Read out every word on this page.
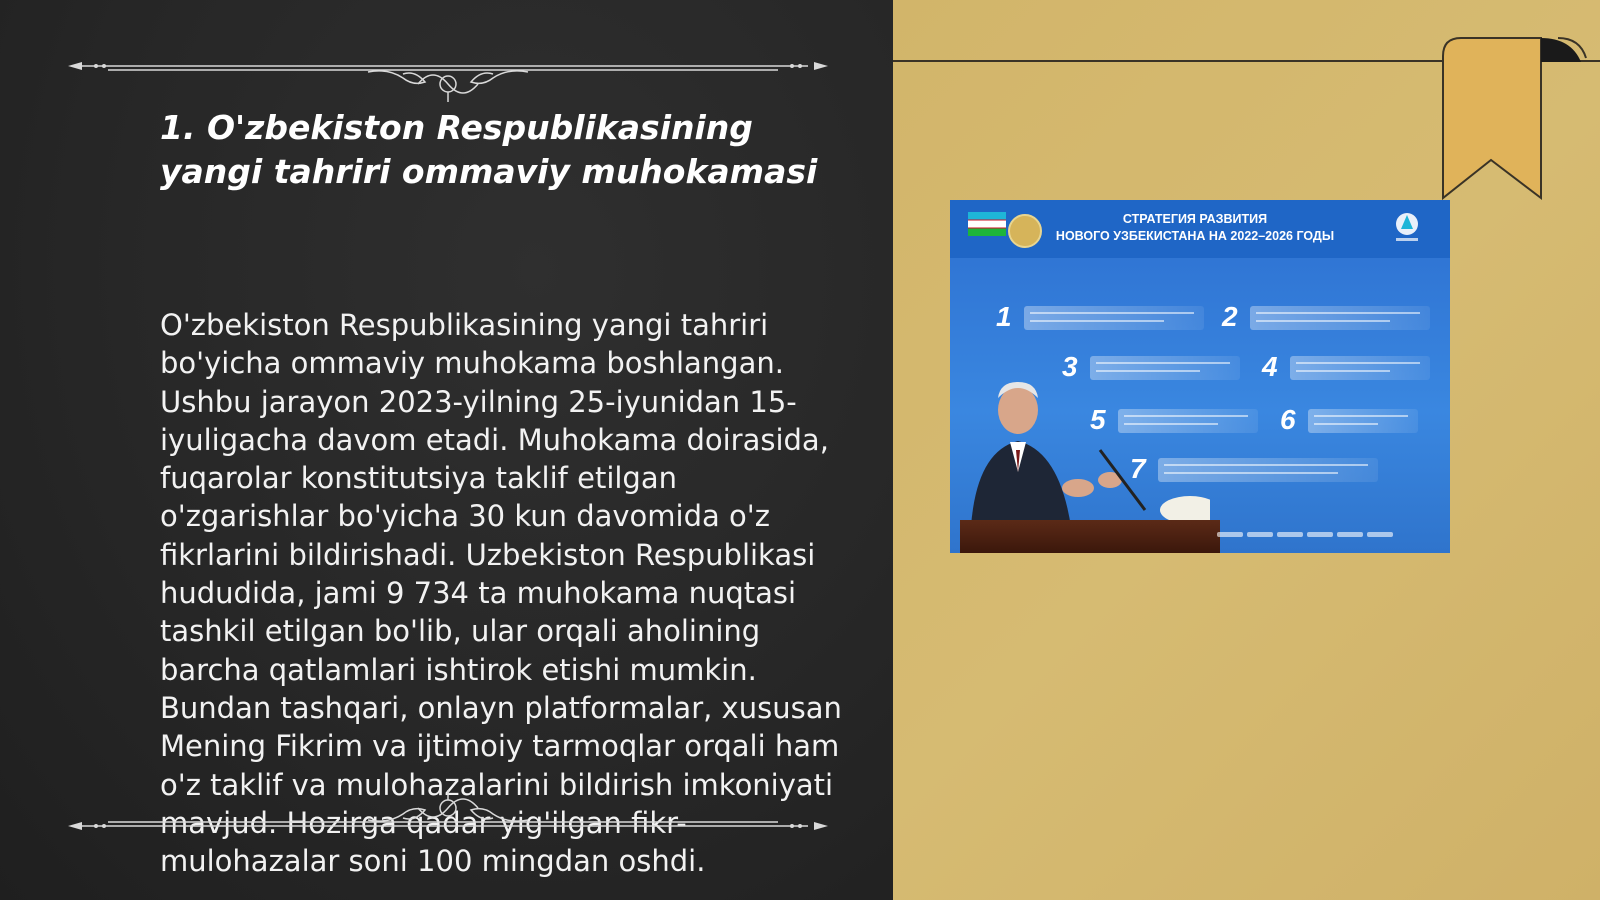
1. O'zbekiston Respublikasining yangi tahriri ommaviy muhokamasi

O'zbekiston Respublikasining yangi tahriri bo'yicha ommaviy muhokama boshlangan. Ushbu jarayon 2023-yilning 25-iyunidan 15-iyuligacha davom etadi. Muhokama doirasida, fuqarolar konstitutsiya taklif etilgan o'zgarishlar bo'yicha 30 kun davomida o'z fikrlarini bildirishadi. Uzbekiston Respublikasi hududida, jami 9 734 ta muhokama nuqtasi tashkil etilgan bo'lib, ular orqali aholining barcha qatlamlari ishtirok etishi mumkin. Bundan tashqari, onlayn platformalar, xususan Mening Fikrim va ijtimoiy tarmoqlar orqali ham o'z taklif va mulohazalarini bildirish imkoniyati mavjud. Hozirga qadar yig'ilgan fikr-mulohazalar soni 100 mingdan oshdi.

СТРАТЕГИЯ РАЗВИТИЯ
НОВОГО УЗБЕКИСТАНА НА 2022–2026 ГОДЫ
1	2
3	4
5	6
7
